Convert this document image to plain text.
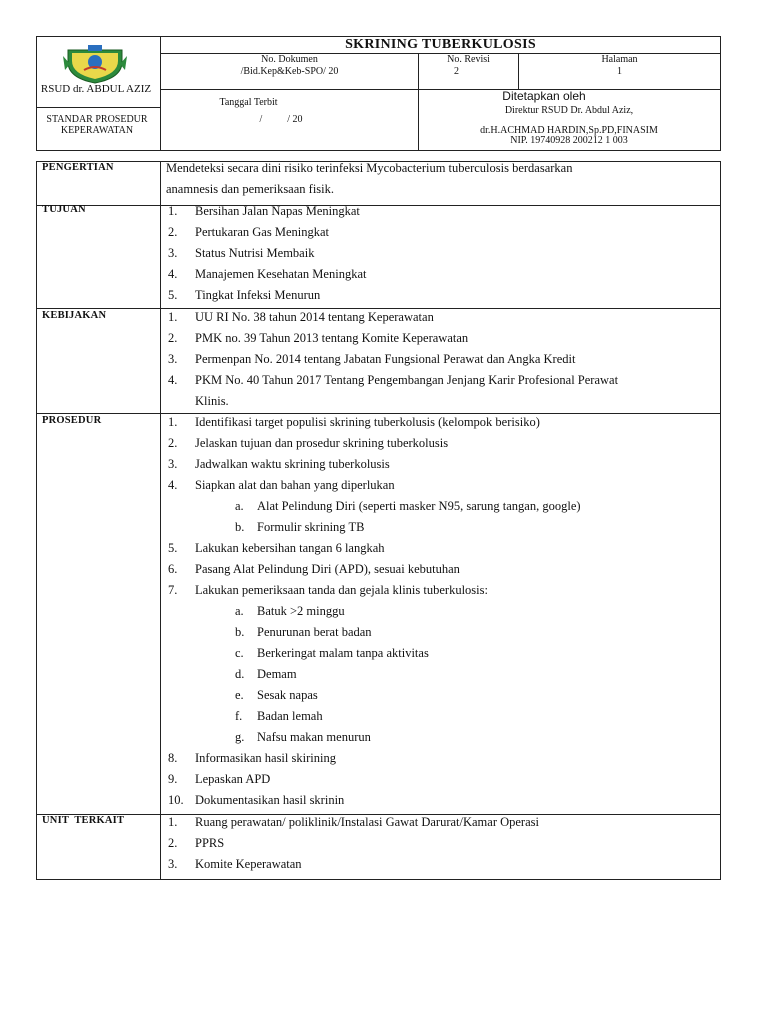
RSUD dr. ABDUL AZIZ
STANDAR PROSEDUR KEPERAWATAN
SKRINING TUBERKULOSIS
No. Dokumen
/Bid.Kep&Keb-SPO/ 20
No. Revisi
2
Halaman
1
Tanggal Terbit
/          / 20
Ditetapkan oleh
Direktur RSUD Dr. Abdul Aziz,
dr.H.ACHMAD HARDIN,Sp.PD,FINASIM
NIP. 19740928 200212 1 003
PENGERTIAN	Mendeteksi secara dini risiko terinfeksi Mycobacterium tuberculosis berdasarkan
anamnesis dan pemeriksaan fisik.
TUJUAN	1. Bersihan Jalan Napas Meningkat
2. Pertukaran Gas Meningkat
3. Status Nutrisi Membaik
4. Manajemen Kesehatan Meningkat
5. Tingkat Infeksi Menurun
KEBIJAKAN	1. UU RI No. 38 tahun 2014 tentang Keperawatan
2. PMK no. 39 Tahun 2013 tentang Komite Keperawatan
3. Permenpan No. 2014 tentang Jabatan Fungsional Perawat dan Angka Kredit
4. PKM No. 40 Tahun 2017 Tentang Pengembangan Jenjang Karir Profesional Perawat
Klinis.
PROSEDUR	1. Identifikasi target populisi skrining tuberkolusis (kelompok berisiko)
2. Jelaskan tujuan dan prosedur skrining tuberkolusis
3. Jadwalkan waktu skrining tuberkolusis
4. Siapkan alat dan bahan yang diperlukan
a. Alat Pelindung Diri (seperti masker N95, sarung tangan, google)
b. Formulir skrining TB
5. Lakukan kebersihan tangan 6 langkah
6. Pasang Alat Pelindung Diri (APD), sesuai kebutuhan
7. Lakukan pemeriksaan tanda dan gejala klinis tuberkulosis:
a. Batuk >2 minggu
b. Penurunan berat badan
c. Berkeringat malam tanpa aktivitas
d. Demam
e. Sesak napas
f. Badan lemah
g. Nafsu makan menurun
8. Informasikan hasil skirining
9. Lepaskan APD
10. Dokumentasikan hasil skrinin
UNIT  TERKAIT	1. Ruang perawatan/ poliklinik/Instalasi Gawat Darurat/Kamar Operasi
2. PPRS
3. Komite Keperawatan
